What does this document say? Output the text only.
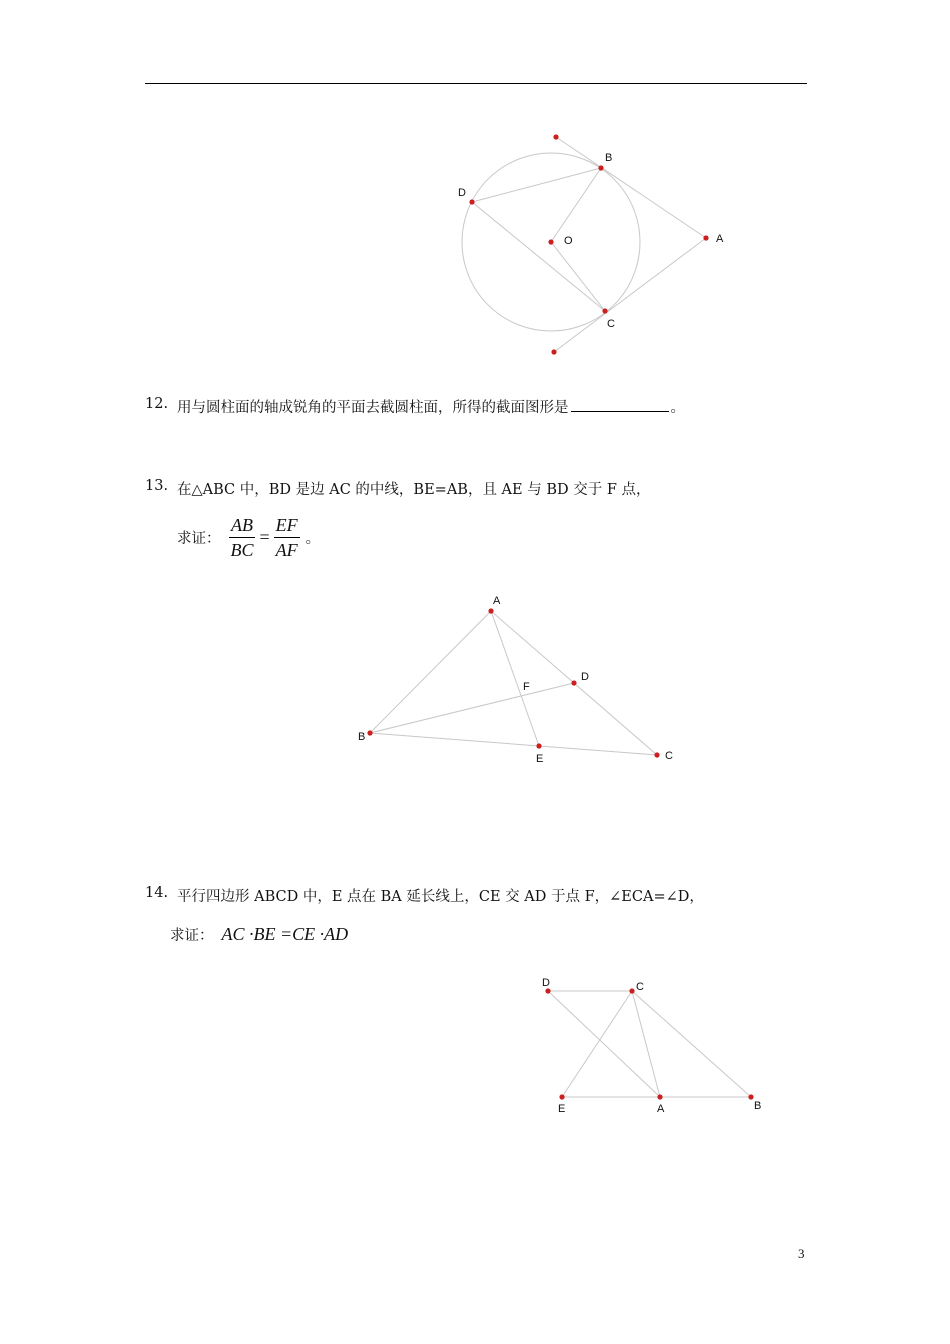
B
D
O	A
C
12. 用与圆柱面的轴成锐角的平面去截圆柱面，所得的截面图形是	。
13. 在△ABC 中，BD 是边 AC 的中线，BE=AB，且 AE 与 BD 交于 F 点，
求证： $\frac{AB}{BC} = \frac{EF}{AF}$ 。
A
D
F
B
E	C
14. 平行四边形 ABCD 中，E 点在 BA 延长线上，CE 交 AD 于点 F，∠ECA=∠D，
求证： AC ·BE =CE ·AD
D	C
E	A	B
3
